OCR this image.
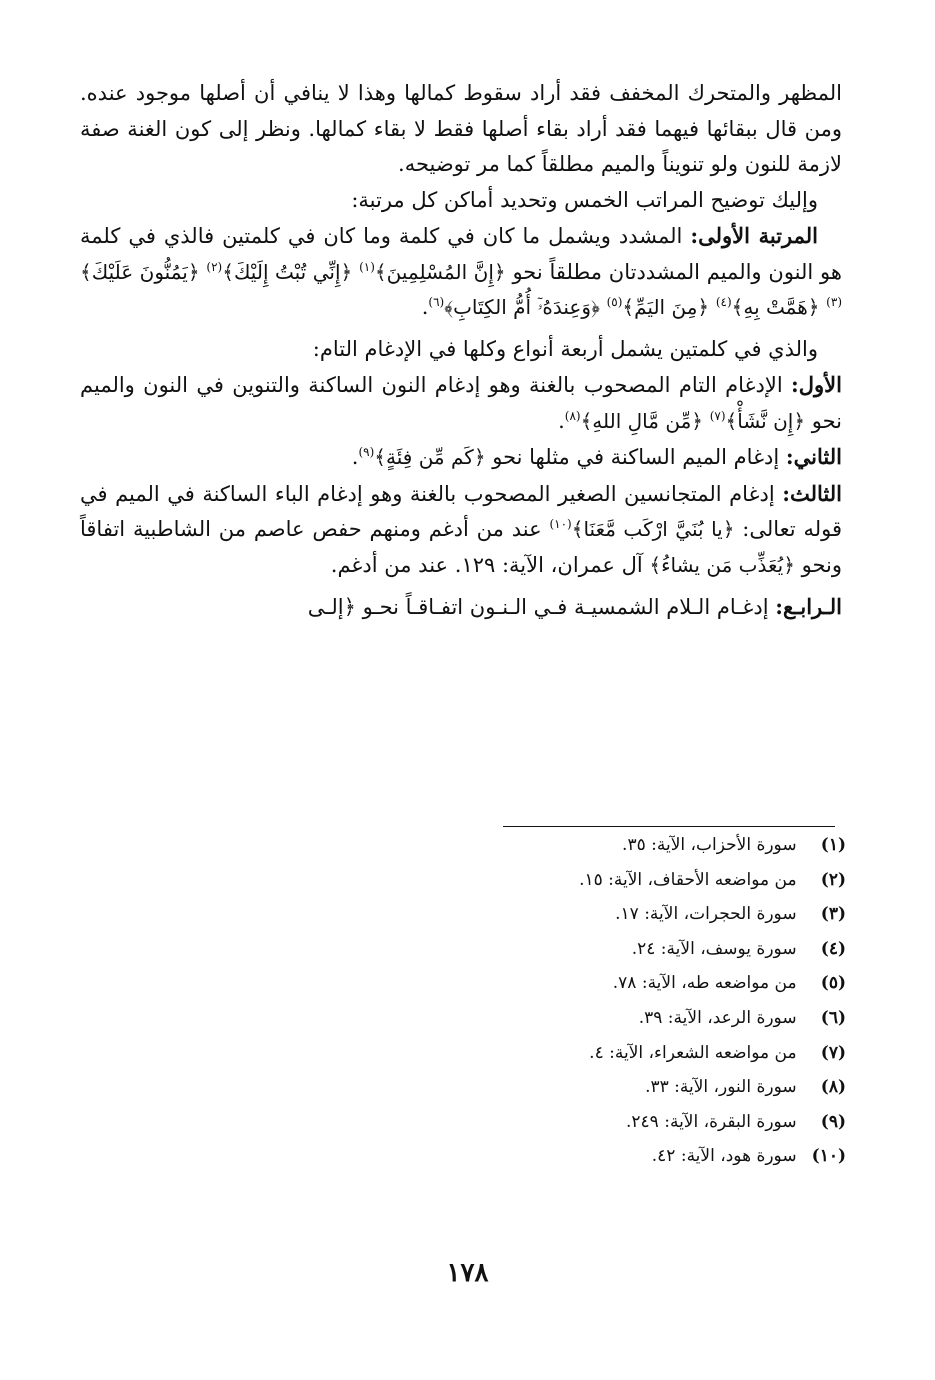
المظهر والمتحرك المخفف فقد أراد سقوط كمالها وهذا لا ينافي أن أصلها موجود عنده. ومن قال ببقائها فيهما فقد أراد بقاء أصلها فقط لا بقاء كمالها. ونظر إلى كون الغنة صفة لازمة للنون ولو تنويناً والميم مطلقاً كما مر توضيحه.

وإليك توضيح المراتب الخمس وتحديد أماكن كل مرتبة:

المرتبة الأولى: المشدد ويشمل ما كان في كلمة وما كان في كلمتين فالذي في كلمة هو النون والميم المشددتان مطلقاً نحو ﴿إِنَّ المُسْلِمِينَ﴾$^{(١)}$ ﴿إِنِّي تُبْتُ إِلَيْكَ﴾$^{(٢)}$ ﴿يَمُنُّونَ عَلَيْكَ﴾$^{(٣)}$ ﴿هَمَّتْ بِهِ﴾$^{(٤)}$ ﴿مِنَ اليَمِّ﴾$^{(٥)}$ ﴿وَعِندَهُۥٓ أُمُّ الكِتَابِ﴾$^{(٦)}$.

والذي في كلمتين يشمل أربعة أنواع وكلها في الإدغام التام:

الأول: الإدغام التام المصحوب بالغنة وهو إدغام النون الساكنة والتنوين في النون والميم نحو ﴿إِن نَّشَأْ﴾$^{(٧)}$ ﴿مِّن مَّالِ اللهِ﴾$^{(٨)}$.

الثاني: إدغام الميم الساكنة في مثلها نحو ﴿كَم مِّن فِئَةٍ﴾$^{(٩)}$.

الثالث: إدغام المتجانسين الصغير المصحوب بالغنة وهو إدغام الباء الساكنة في الميم في قوله تعالى: ﴿يا بُنَيَّ ارْكَب مَّعَنَا﴾$^{(١٠)}$ عند من أدغم ومنهم حفص عاصم من الشاطبية اتفاقاً ونحو ﴿يُعَذِّب مَن يشاءُ﴾ آل عمران، الآية: ١٢٩. عند من أدغم.

الـرابـع: إدغـام الـلام الشمسيـة فـي الـنـون اتفـاقـاً نحـو ﴿إلـى

(١) سورة الأحزاب، الآية: ٣٥.
(٢) من مواضعه الأحقاف، الآية: ١٥.
(٣) سورة الحجرات، الآية: ١٧.
(٤) سورة يوسف، الآية: ٢٤.
(٥) من مواضعه طه، الآية: ٧٨.
(٦) سورة الرعد، الآية: ٣٩.
(٧) من مواضعه الشعراء، الآية: ٤.
(٨) سورة النور، الآية: ٣٣.
(٩) سورة البقرة، الآية: ٢٤٩.
(١٠) سورة هود، الآية: ٤٢.
١٧٨
